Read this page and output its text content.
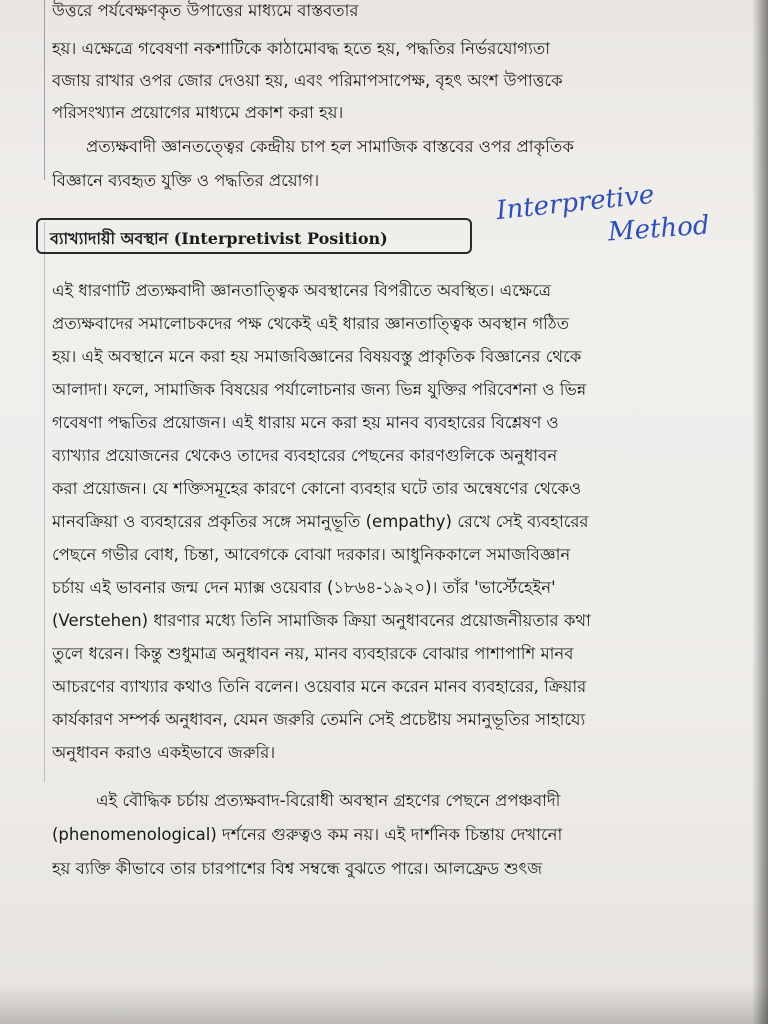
উত্তরে পর্যবেক্ষণকৃত উপাত্তের মাধ্যমে বাস্তবতার
হয়। এক্ষেত্রে গবেষণা নকশাটিকে কাঠামোবদ্ধ হতে হয়, পদ্ধতির নির্ভরযোগ্যতা
বজায় রাখার ওপর জোর দেওয়া হয়, এবং পরিমাপসাপেক্ষ, বৃহৎ অংশ উপাত্তকে
পরিসংখ্যান প্রয়োগের মাধ্যমে প্রকাশ করা হয়।
প্রত্যক্ষবাদী জ্ঞানতত্ত্বের কেন্দ্রীয় চাপ হল সামাজিক বাস্তবের ওপর প্রাকৃতিক
বিজ্ঞানে ব্যবহৃত যুক্তি ও পদ্ধতির প্রয়োগ।
ব্যাখ্যাদায়ী অবস্থান (Interpretivist Position)
Interpretive
Method
এই ধারণাটি প্রত্যক্ষবাদী জ্ঞানতাত্ত্বিক অবস্থানের বিপরীতে অবস্থিত। এক্ষেত্রে
প্রত্যক্ষবাদের সমালোচকদের পক্ষ থেকেই এই ধারার জ্ঞানতাত্ত্বিক অবস্থান গঠিত
হয়। এই অবস্থানে মনে করা হয় সমাজবিজ্ঞানের বিষয়বস্তু প্রাকৃতিক বিজ্ঞানের থেকে
আলাদা। ফলে, সামাজিক বিষয়ের পর্যালোচনার জন্য ভিন্ন যুক্তির পরিবেশনা ও ভিন্ন
গবেষণা পদ্ধতির প্রয়োজন। এই ধারায় মনে করা হয় মানব ব্যবহারের বিশ্লেষণ ও
ব্যাখ্যার প্রয়োজনের থেকেও তাদের ব্যবহারের পেছনের কারণগুলিকে অনুধাবন
করা প্রয়োজন। যে শক্তিসমূহের কারণে কোনো ব্যবহার ঘটে তার অন্বেষণের থেকেও
মানবক্রিয়া ও ব্যবহারের প্রকৃতির সঙ্গে সমানুভূতি (empathy) রেখে সেই ব্যবহারের
পেছনে গভীর বোধ, চিন্তা, আবেগকে বোঝা দরকার। আধুনিককালে সমাজবিজ্ঞান
চর্চায় এই ভাবনার জন্ম দেন ম্যাক্স ওয়েবার (১৮৬৪-১৯২০)। তাঁর 'ভার্স্টেহেইন'
(Verstehen) ধারণার মধ্যে তিনি সামাজিক ক্রিয়া অনুধাবনের প্রয়োজনীয়তার কথা
তুলে ধরেন। কিন্তু শুধুমাত্র অনুধাবন নয়, মানব ব্যবহারকে বোঝার পাশাপাশি মানব
আচরণের ব্যাখ্যার কথাও তিনি বলেন। ওয়েবার মনে করেন মানব ব্যবহারের, ক্রিয়ার
কার্যকারণ সম্পর্ক অনুধাবন, যেমন জরুরি তেমনি সেই প্রচেষ্টায় সমানুভূতির সাহায্যে
অনুধাবন করাও একইভাবে জরুরি।
এই বৌদ্ধিক চর্চায় প্রত্যক্ষবাদ-বিরোধী অবস্থান গ্রহণের পেছনে প্রপঞ্চবাদী
(phenomenological) দর্শনের গুরুত্বও কম নয়। এই দার্শনিক চিন্তায় দেখানো
হয় ব্যক্তি কীভাবে তার চারপাশের বিশ্ব সম্বন্ধে বুঝতে পারে। আলফ্রেড শুৎজ
